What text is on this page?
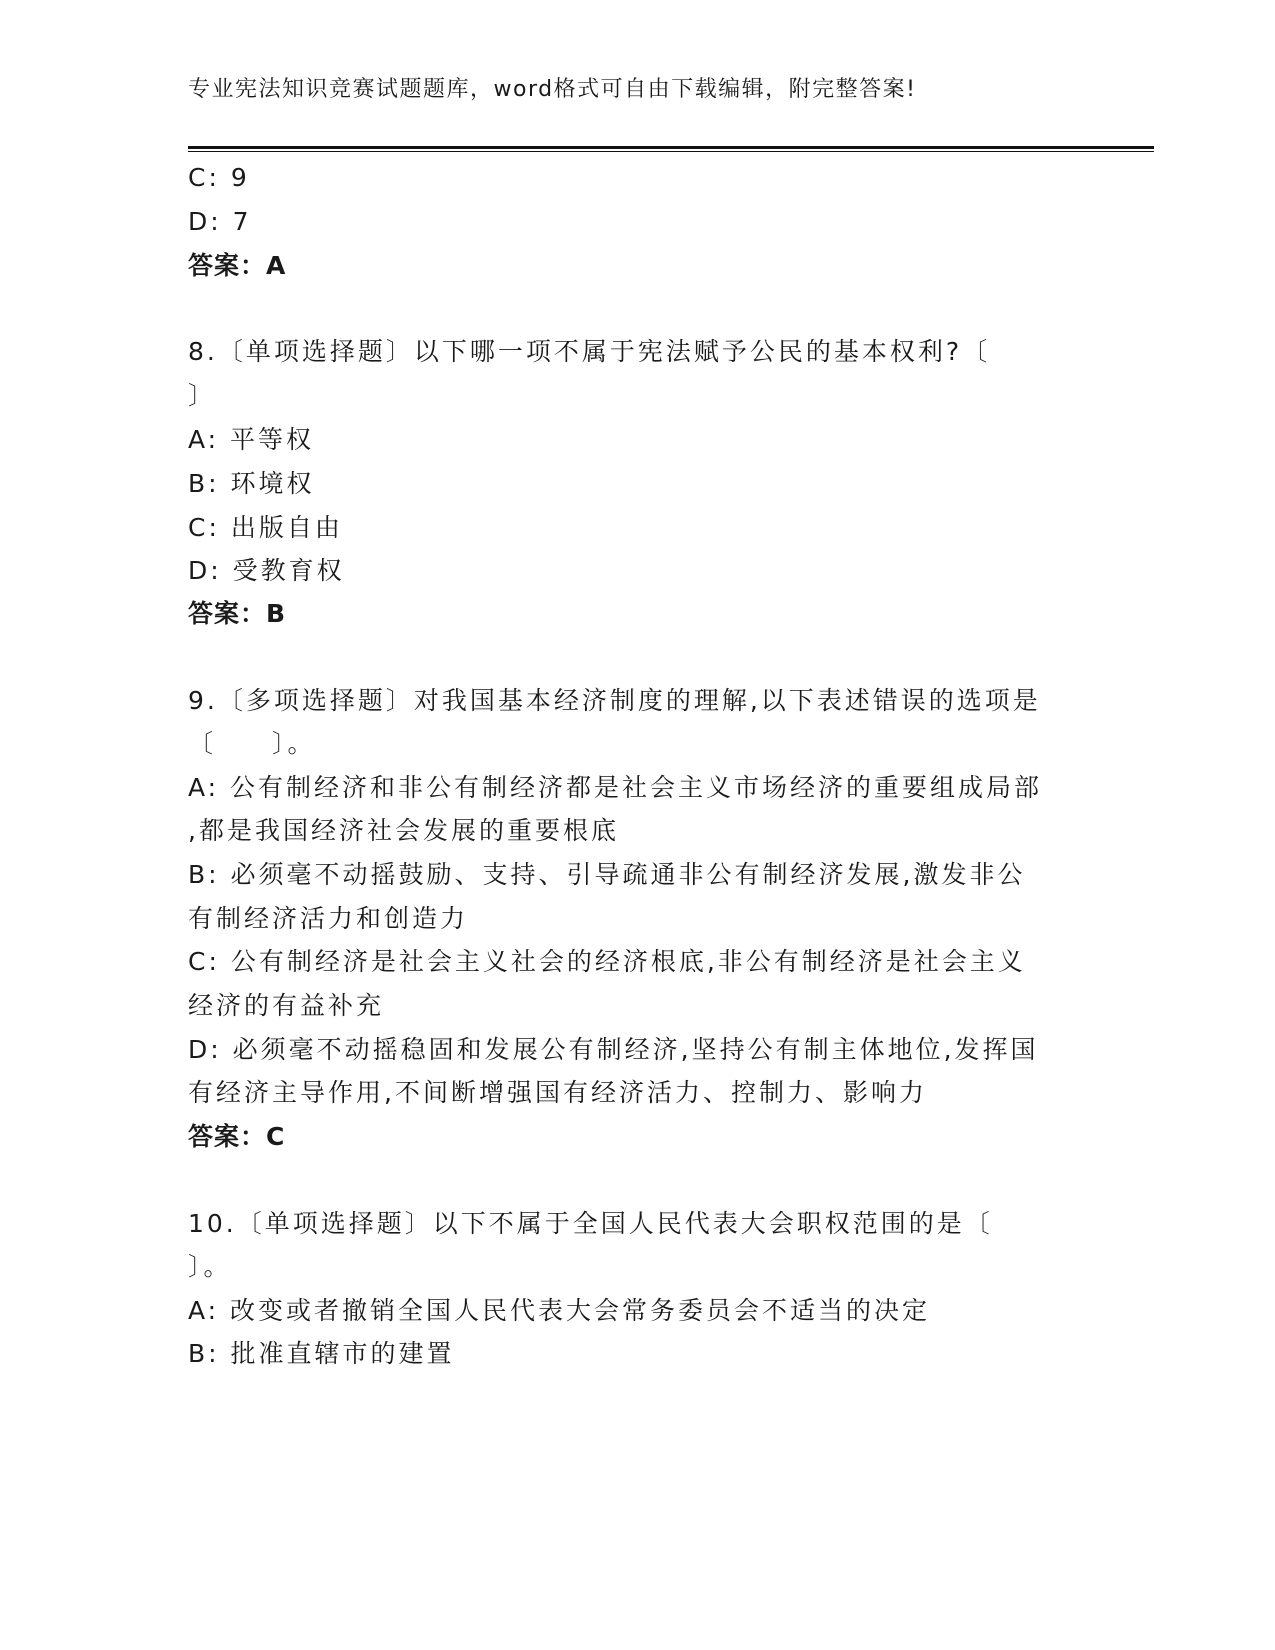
专业宪法知识竞赛试题题库，word格式可自由下载编辑，附完整答案!
C: 9
D: 7
答案：A
8.〔单项选择题〕以下哪一项不属于宪法赋予公民的基本权利?〔
〕
A: 平等权
B: 环境权
C: 出版自由
D: 受教育权
答案：B
9.〔多项选择题〕对我国基本经济制度的理解,以下表述错误的选项是
〔　　〕。
A: 公有制经济和非公有制经济都是社会主义市场经济的重要组成局部
,都是我国经济社会发展的重要根底
B: 必须毫不动摇鼓励、支持、引导疏通非公有制经济发展,激发非公
有制经济活力和创造力
C: 公有制经济是社会主义社会的经济根底,非公有制经济是社会主义
经济的有益补充
D: 必须毫不动摇稳固和发展公有制经济,坚持公有制主体地位,发挥国
有经济主导作用,不间断增强国有经济活力、控制力、影响力
答案：C
10.〔单项选择题〕以下不属于全国人民代表大会职权范围的是〔
〕。
A: 改变或者撤销全国人民代表大会常务委员会不适当的决定
B: 批准直辖市的建置
